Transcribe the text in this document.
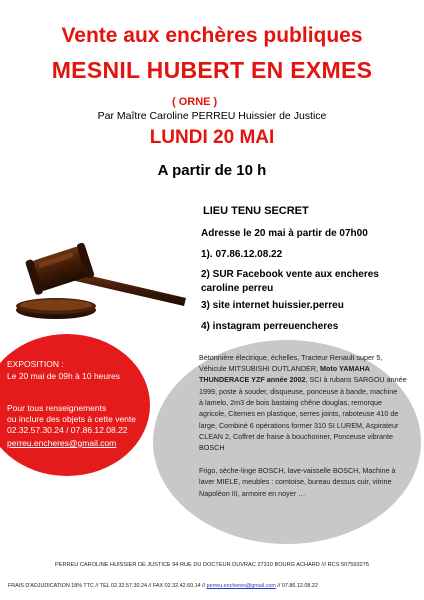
Vente aux enchères publiques
MESNIL HUBERT EN EXMES
( ORNE )
Par Maître Caroline PERREU Huissier de Justice
LUNDI 20 MAI
A partir de 10 h
LIEU TENU SECRET
Adresse le 20 mai à partir de 07h00
1). 07.86.12.08.22
2) SUR Facebook vente aux encheres
caroline perreu
3) site internet huissier.perreu
4) instagram perreuencheres
EXPOSITION :
Le 20 mai de 09h à 10 heures
Pour tous renseignements
ou inclure des objets à cette vente
02.32.57.30.24 / 07.86.12.08.22
perreu.encheres@gmail.com
Bétonnière électrique, échelles, Tracteur Renault super 5,
Véhicule MITSUBISHI OUTLANDER, Moto YAMAHA
THUNDERACE YZF année 2002, SCI à rubans SARGOU année
1999, poste à souder, disqueuse, ponceuse à bande, machine
à lamelo, 2m3 de bois bastaing chêne douglas, remorque
agricole, Citernes en plastique, serres joints, raboteuse 410 de
large, Combiné 6 opérations former 310 SI LUREM, Aspirateur
CLEAN 2, Coffret de fraise à bouchonner, Ponceuse vibrante
BOSCH
Frigo, sèche-linge BOSCH, lave-vaisselle BOSCH, Machine à
laver MIELE, meubles : comtoise, bureau dessus cuir, vitrine
Napoléon III, armoire en noyer …
PERREU CAROLINE HUISSIER DE JUSTICE 94 RUE DU DOCTEUR DUVRAC 27310 BOURG ACHARD /// RCS 507593275
FRAIS D'ADJUDICATION 18% TTC // TEL 02.32.57.30.24 // FAX 02.32.42.60.14 // perreu.encheres@gmail.com // 07.86.12.08.22
